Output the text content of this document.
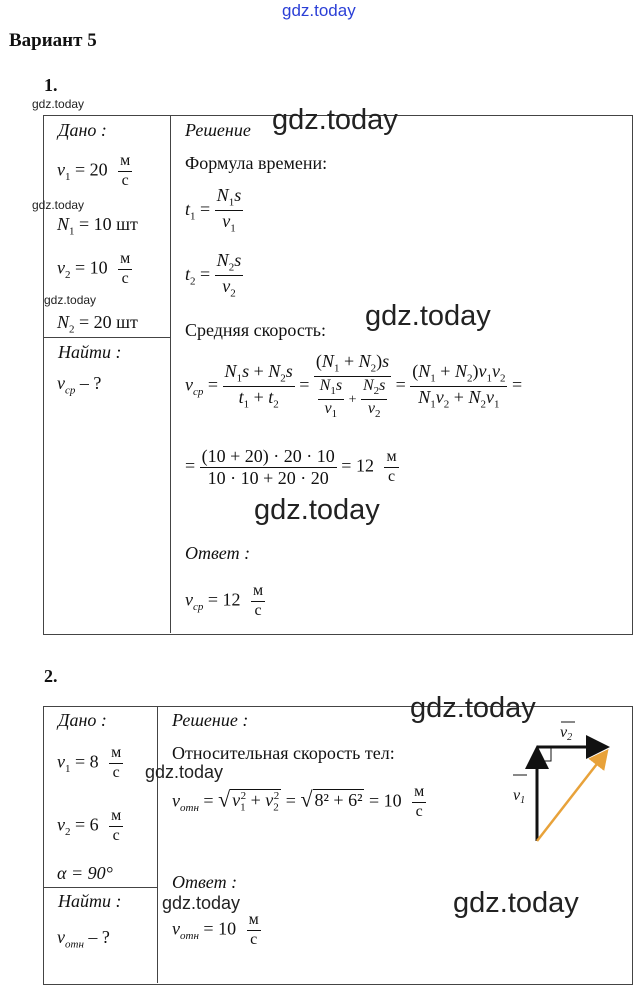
gdz.today
Вариант 5
1.
gdz.today
Дано :
$v_1 = 20 \frac{м}{с}$
gdz.today
$N_1 = 10$ шт
$v_2 = 10 \frac{м}{с}$
gdz.today
$N_2 = 20$ шт
Найти :
$v_{ср}$ – ?
Решение gdz.today
Формула времени:
$t_1 = \frac{N_1s}{v_1}$
$t_2 = \frac{N_2s}{v_2}$
Средняя скорость: gdz.today
$v_{ср} = \frac{N_1s + N_2s}{t_1 + t_2} = \frac{(N_1 + N_2)s}{\frac{N_1s}{v_1} + \frac{N_2s}{v_2}} = \frac{(N_1 + N_2)v_1v_2}{N_1v_2 + N_2v_1}$ =
= $\frac{(10 + 20) \cdot 20 \cdot 10}{10 \cdot 10 + 20 \cdot 20} = 12 \frac{м}{с}$
gdz.today
Ответ :
$v_{ср} = 12 \frac{м}{с}$
2.
Дано :
$v_1 = 8 \frac{м}{с}$
$v_2 = 6 \frac{м}{с}$
α = 90°
Найти :
$v_{отн}$ – ?
Решение :	gdz.today
Относительная скорость тел:
gdz.today
$v_{отн}$ = √ $v_1^2 + v_2^2$ = √ $8^2 + 6^2 = 10 \frac{м}{с}$
Ответ :
gdz.today
$v_{отн} = 10 \frac{м}{с}$
gdz.today
v2
v1
